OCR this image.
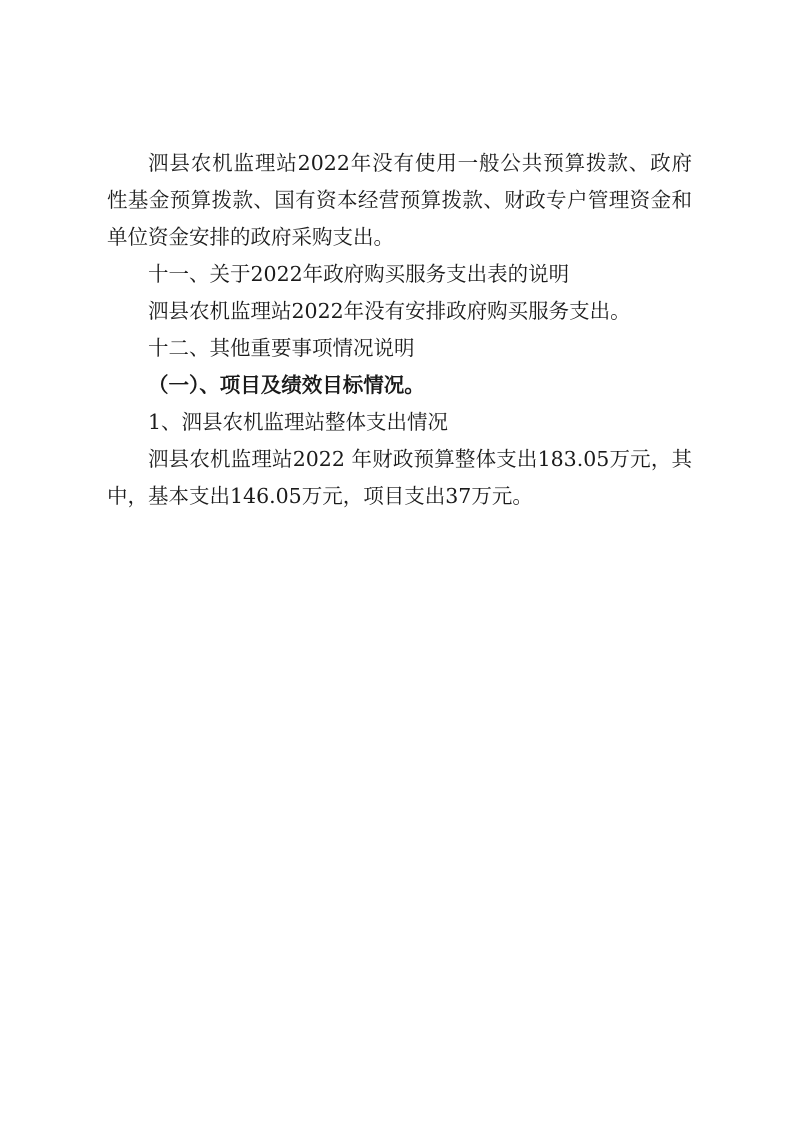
泗县农机监理站2022年没有使用一般公共预算拨款、政府性基金预算拨款、国有资本经营预算拨款、财政专户管理资金和单位资金安排的政府采购支出。

十一、关于2022年政府购买服务支出表的说明

泗县农机监理站2022年没有安排政府购买服务支出。

十二、其他重要事项情况说明

（一）、项目及绩效目标情况。

1、泗县农机监理站整体支出情况

泗县农机监理站2022 年财政预算整体支出183.05万元，其中，基本支出146.05万元，项目支出37万元。
